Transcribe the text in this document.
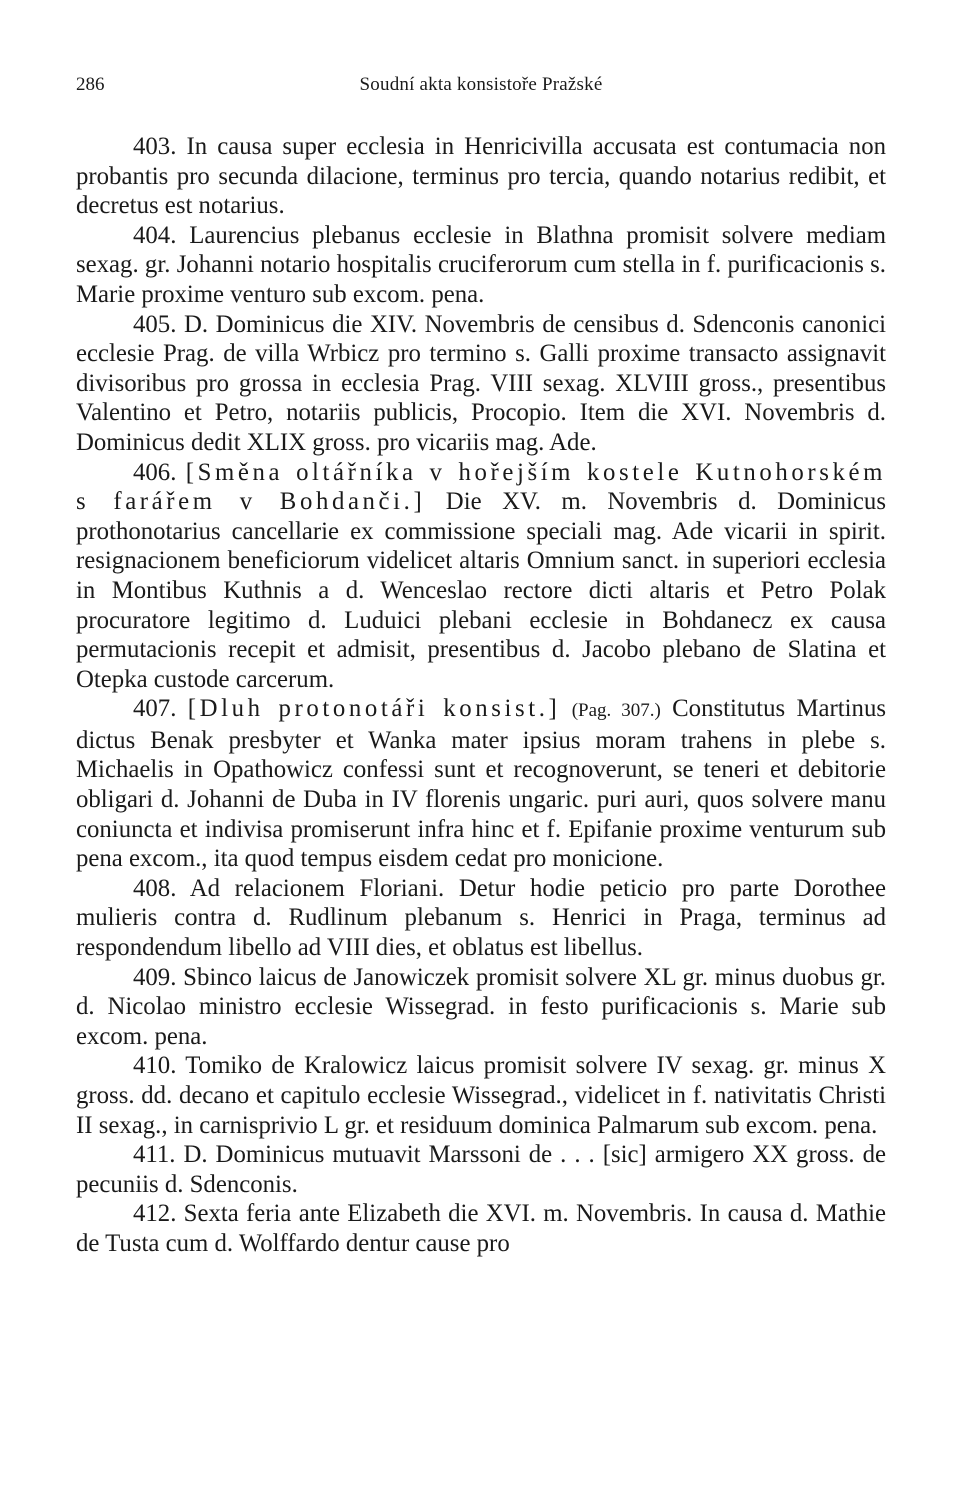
286	Soudní akta konsistoře Pražské

403. In causa super ecclesia in Henricivilla accusata est contumacia non probantis pro secunda dilacione, terminus pro tercia, quando notarius redibit, et decretus est notarius.

404. Laurencius plebanus ecclesie in Blathna promisit solvere mediam sexag. gr. Johanni notario hospitalis cruciferorum cum stella in f. purificacionis s. Marie proxime venturo sub excom. pena.

405. D. Dominicus die XIV. Novembris de censibus d. Sdenconis canonici ecclesie Prag. de villa Wrbicz pro termino s. Galli proxime transacto assignavit divisoribus pro grossa in ecclesia Prag. VIII sexag. XLVIII gross., presentibus Valentino et Petro, notariis publicis, Procopio. Item die XVI. Novembris d. Dominicus dedit XLIX gross. pro vicariis mag. Ade.

406. [Směna oltářníka v hořejším kostele Kutnohorském s farářem v Bohdanči.] Die XV. m. Novembris d. Dominicus prothonotarius cancellarie ex commissione speciali mag. Ade vicarii in spirit. resignacionem beneficiorum videlicet altaris Omnium sanct. in superiori ecclesia in Montibus Kuthnis a d. Wenceslao rectore dicti altaris et Petro Polak procuratore legitimo d. Luduici plebani ecclesie in Bohdanecz ex causa permutacionis recepit et admisit, presentibus d. Jacobo plebano de Slatina et Otepka custode carcerum.

407. [Dluh protonotáři konsist.] (Pag. 307.) Constitutus Martinus dictus Benak presbyter et Wanka mater ipsius moram trahens in plebe s. Michaelis in Opathowicz confessi sunt et recognoverunt, se teneri et debitorie obligari d. Johanni de Duba in IV florenis ungaric. puri auri, quos solvere manu coniuncta et indivisa promiserunt infra hinc et f. Epifanie proxime venturum sub pena excom., ita quod tempus eisdem cedat pro monicione.

408. Ad relacionem Floriani. Detur hodie peticio pro parte Dorothee mulieris contra d. Rudlinum plebanum s. Henrici in Praga, terminus ad respondendum libello ad VIII dies, et oblatus est libellus.

409. Sbinco laicus de Janowiczek promisit solvere XL gr. minus duobus gr. d. Nicolao ministro ecclesie Wissegrad. in festo purificacionis s. Marie sub excom. pena.

410. Tomiko de Kralowicz laicus promisit solvere IV sexag. gr. minus X gross. dd. decano et capitulo ecclesie Wissegrad., videlicet in f. nativitatis Christi II sexag., in carnisprivio L gr. et residuum dominica Palmarum sub excom. pena.

411. D. Dominicus mutuavit Marssoni de . . . [sic] armigero XX gross. de pecuniis d. Sdenconis.

412. Sexta feria ante Elizabeth die XVI. m. Novembris. In causa d. Mathie de Tusta cum d. Wolffardo dentur cause pro
